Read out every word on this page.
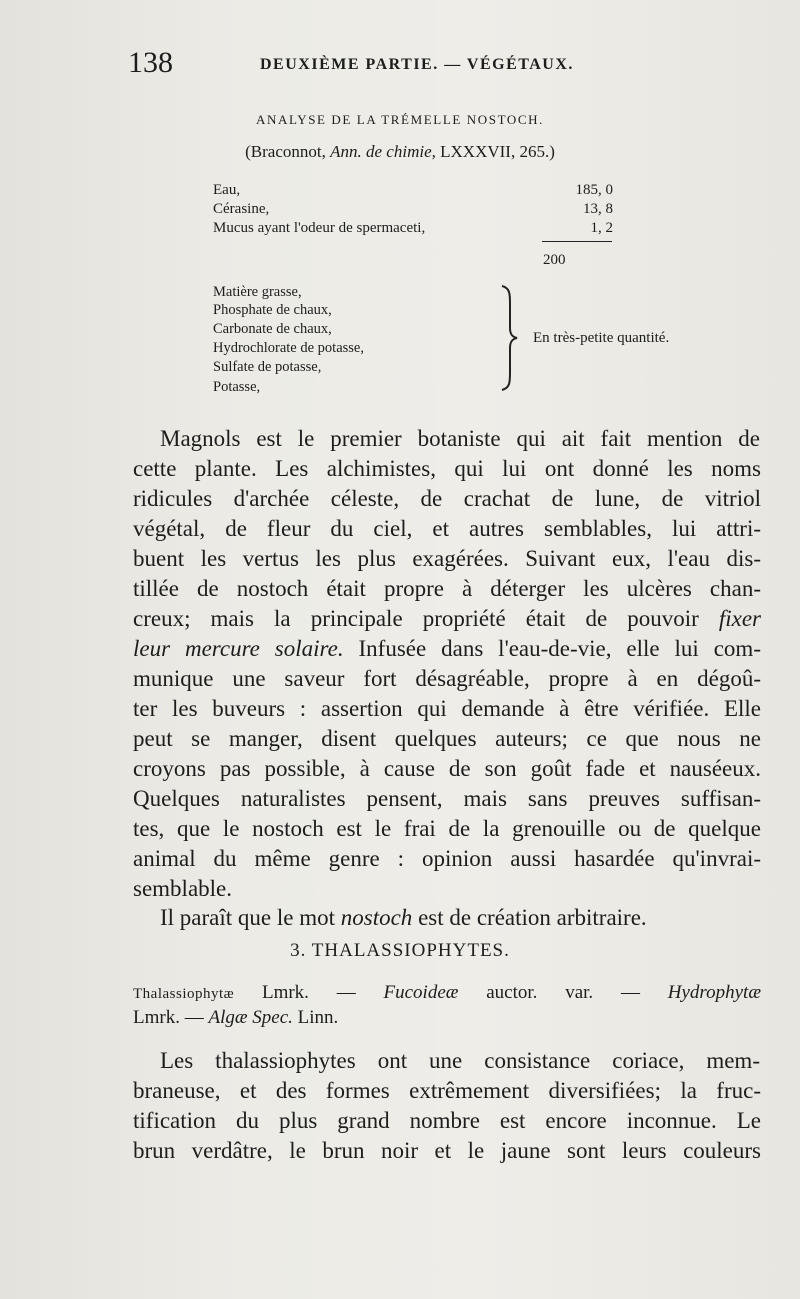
138	DEUXIÈME PARTIE. — VÉGÉTAUX.
ANALYSE DE LA TRÉMELLE NOSTOCH.
(Braconnot, Ann. de chimie, LXXXVII, 265.)
Eau,	185, 0
Cérasine,	13, 8
Mucus ayant l'odeur de spermaceti,	1, 2
200
Matière grasse,
Phosphate de chaux,
Carbonate de chaux,
Hydrochlorate de potasse,
Sulfate de potasse,
Potasse,
En très-petite quantité.
Magnols est le premier botaniste qui ait fait mention de
cette plante. Les alchimistes, qui lui ont donné les noms
ridicules d'archée céleste, de crachat de lune, de vitriol
végétal, de fleur du ciel, et autres semblables, lui attri-
buent les vertus les plus exagérées. Suivant eux, l'eau dis-
tillée de nostoch était propre à déterger les ulcères chan-
creux; mais la principale propriété était de pouvoir fixer
leur mercure solaire. Infusée dans l'eau-de-vie, elle lui com-
munique une saveur fort désagréable, propre à en dégoû-
ter les buveurs : assertion qui demande à être vérifiée. Elle
peut se manger, disent quelques auteurs; ce que nous ne
croyons pas possible, à cause de son goût fade et nauséeux.
Quelques naturalistes pensent, mais sans preuves suffisan-
tes, que le nostoch est le frai de la grenouille ou de quelque
animal du même genre : opinion aussi hasardée qu'invrai-
semblable.
Il paraît que le mot nostoch est de création arbitraire.
3. THALASSIOPHYTES.
Thalassiophytæ Lmrk. — Fucoideæ auctor. var. — Hydrophytæ
Lmrk. — Algæ Spec. Linn.
Les thalassiophytes ont une consistance coriace, mem-
braneuse, et des formes extrêmement diversifiées; la fruc-
tification du plus grand nombre est encore inconnue. Le
brun verdâtre, le brun noir et le jaune sont leurs couleurs
